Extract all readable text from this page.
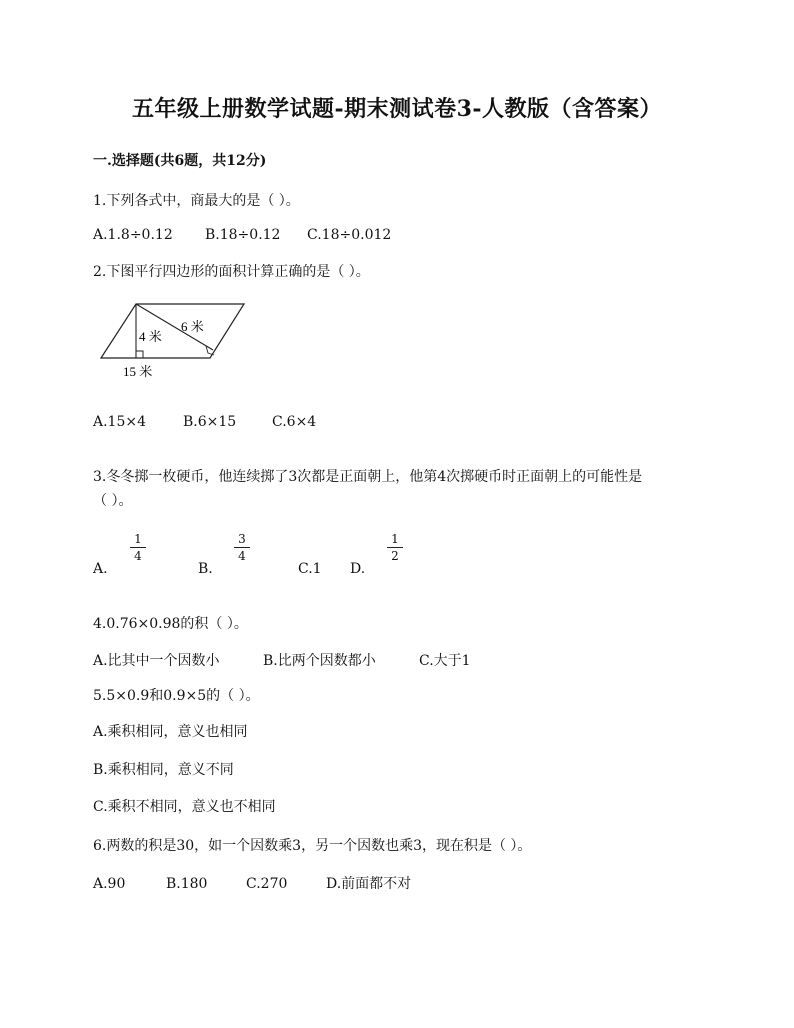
五年级上册数学试题-期末测试卷3-人教版（含答案）
一.选择题(共6题，共12分)
1.下列各式中，商最大的是（ ）。
A.1.8÷0.12 B.18÷0.12 C.18÷0.012
2.下图平行四边形的面积计算正确的是（ ）。
4 米
6 米
15 米
A.15×4	B.6×15	C.6×4
3.冬冬掷一枚硬币，他连续掷了3次都是正面朝上，他第4次掷硬币时正面朝上的可能性是
（ ）。
A.
1
4
B.
3
4
C.1 D.
1
2
4.0.76×0.98的积（ ）。
A.比其中一个因数小	B.比两个因数都小	C.大于1
5.5×0.9和0.9×5的（ ）。
A.乘积相同，意义也相同
B.乘积相同，意义不同
C.乘积不相同，意义也不相同
6.两数的积是30，如一个因数乘3，另一个因数也乘3，现在积是（ ）。
A.90	B.180	C.270	D.前面都不对
